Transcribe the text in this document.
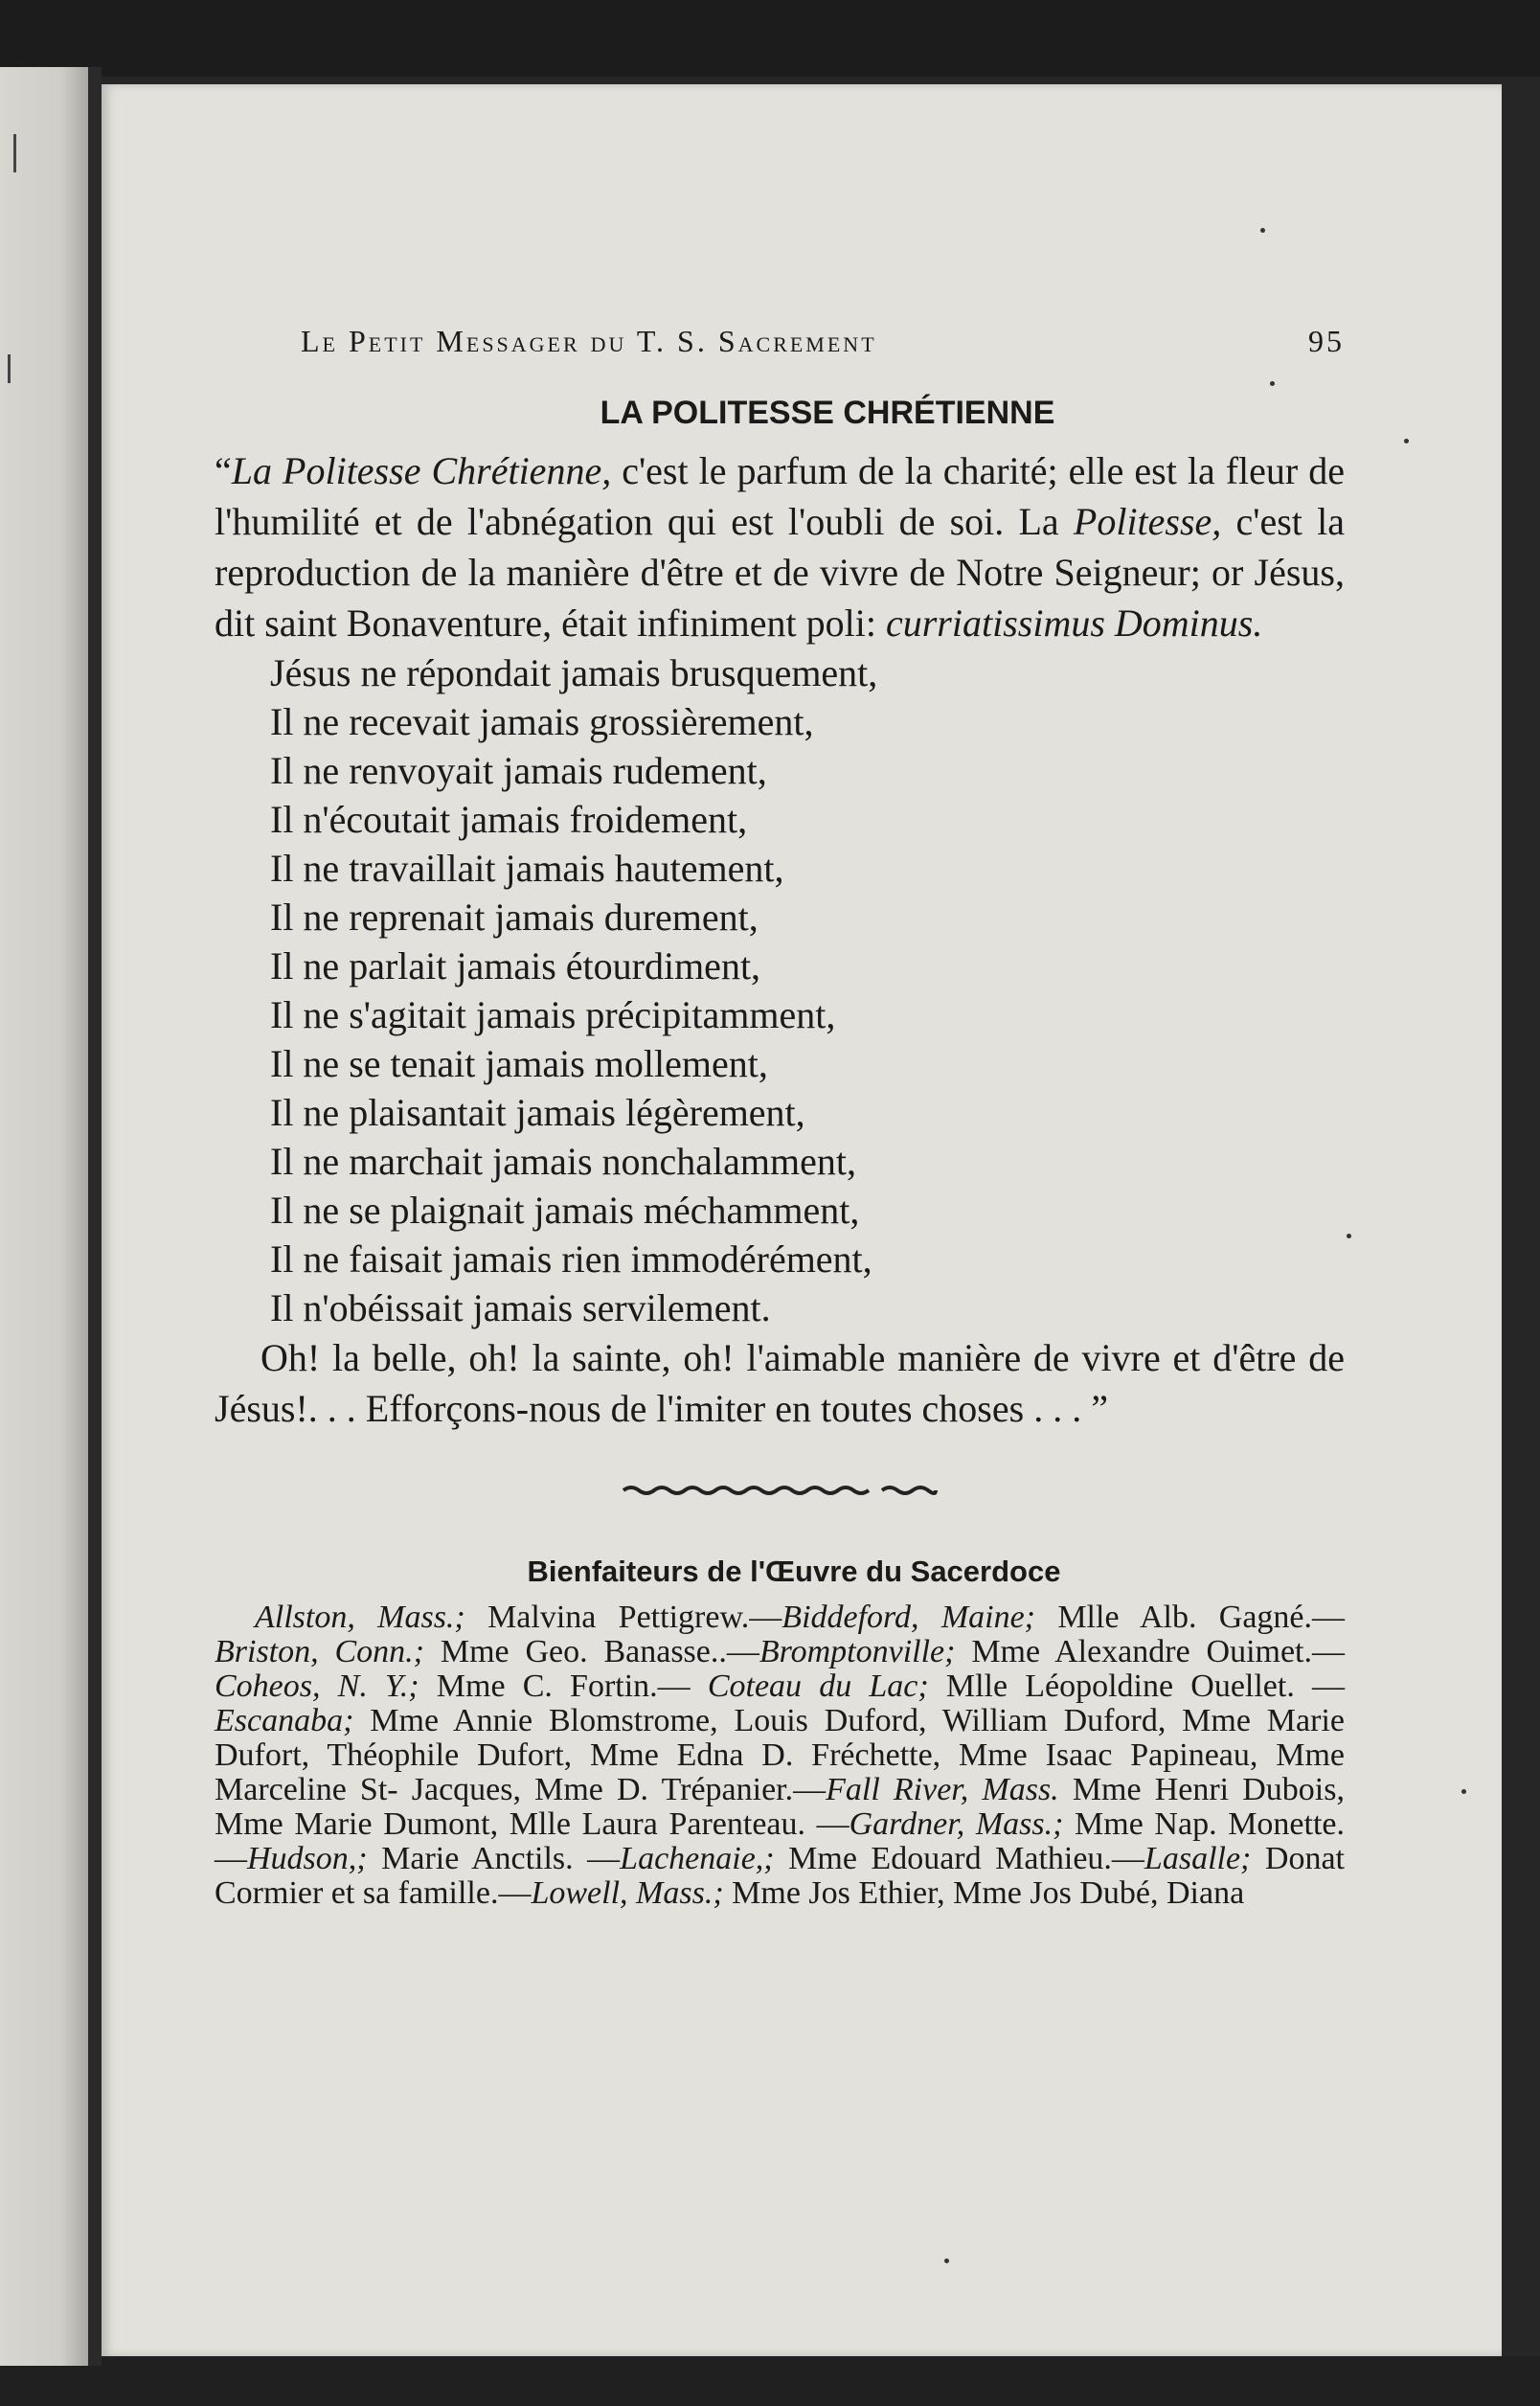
Le Petit Messager du T. S. Sacrement	95
LA POLITESSE CHRÉTIENNE

“La Politesse Chrétienne, c'est le parfum de la charité; elle est la fleur de l'humilité et de l'abnégation qui est l'oubli de soi. La Politesse, c'est la reproduction de la manière d'être et de vivre de Notre Seigneur; or Jésus, dit saint Bonaventure, était infiniment poli: curriatissimus Dominus.

Jésus ne répondait jamais brusquement,
Il ne recevait jamais grossièrement,
Il ne renvoyait jamais rudement,
Il n'écoutait jamais froidement,
Il ne travaillait jamais hautement,
Il ne reprenait jamais durement,
Il ne parlait jamais étourdiment,
Il ne s'agitait jamais précipitamment,
Il ne se tenait jamais mollement,
Il ne plaisantait jamais légèrement,
Il ne marchait jamais nonchalamment,
Il ne se plaignait jamais méchamment,
Il ne faisait jamais rien immodérément,
Il n'obéissait jamais servilement.

Oh! la belle, oh! la sainte, oh! l'aimable manière de vivre et d'être de Jésus!. . . Efforçons-nous de l'imiter en toutes choses . . . ”

Bienfaiteurs de l'Œuvre du Sacerdoce

Allston, Mass.; Malvina Pettigrew.—Biddeford, Maine; Mlle Alb. Gagné.—Briston, Conn.; Mme Geo. Banasse..—Bromptonville; Mme Alexandre Ouimet.—Coheos, N. Y.; Mme C. Fortin.— Coteau du Lac; Mlle Léopoldine Ouellet. — Escanaba; Mme Annie Blomstrome, Louis Duford, William Duford, Mme Marie Dufort, Théophile Dufort, Mme Edna D. Fréchette, Mme Isaac Papineau, Mme Marceline St- Jacques, Mme D. Trépanier.—Fall River, Mass. Mme Henri Dubois, Mme Marie Dumont, Mlle Laura Parenteau. —Gardner, Mass.; Mme Nap. Monette.—Hudson,; Marie Anctils. —Lachenaie,; Mme Edouard Mathieu.—Lasalle; Donat Cormier et sa famille.—Lowell, Mass.; Mme Jos Ethier, Mme Jos Dubé, Diana
